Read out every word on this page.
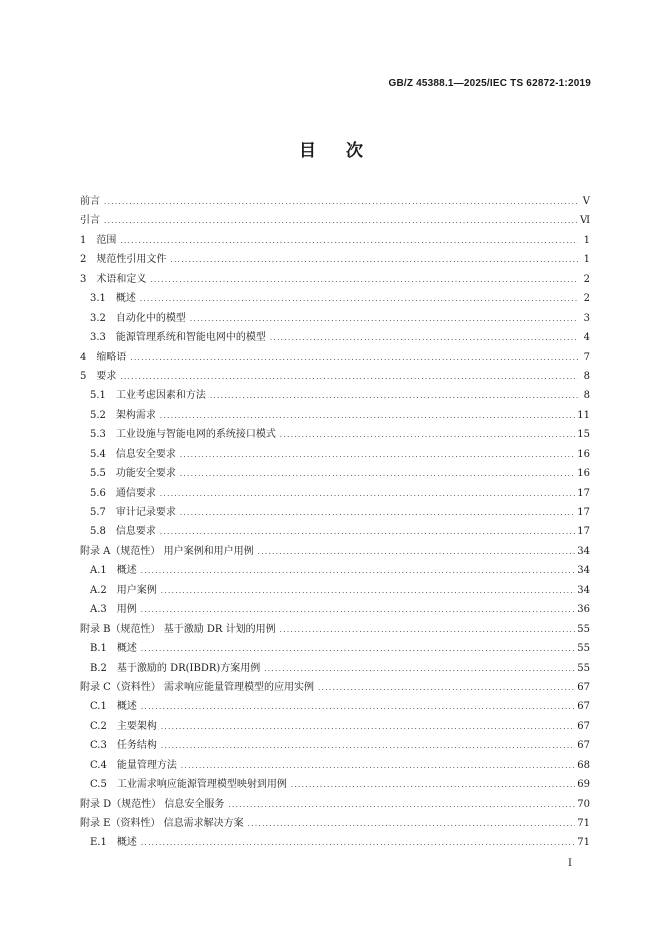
GB/Z 45388.1—2025/IEC TS 62872-1:2019
目次
前言 .....	Ⅴ
引言 .....	Ⅵ
1 范围 .....	1
2 规范性引用文件 .....	1
3 术语和定义 .....	2
3.1 概述 .....	2
3.2 自动化中的模型 .....	3
3.3 能源管理系统和智能电网中的模型 .....	4
4 缩略语 .....	7
5 要求 .....	8
5.1 工业考虑因素和方法 .....	8
5.2 架构需求 .....	11
5.3 工业设施与智能电网的系统接口模式 .....	15
5.4 信息安全要求 .....	16
5.5 功能安全要求 .....	16
5.6 通信要求 .....	17
5.7 审计记录要求 .....	17
5.8 信息要求 .....	17
附录 A（规范性） 用户案例和用户用例 .....	34
A.1 概述 .....	34
A.2 用户案例 .....	34
A.3 用例 .....	36
附录 B（规范性） 基于激励 DR 计划的用例 .....	55
B.1 概述 .....	55
B.2 基于激励的 DR(IBDR)方案用例 .....	55
附录 C（资料性） 需求响应能量管理模型的应用实例 .....	67
C.1 概述 .....	67
C.2 主要架构 .....	67
C.3 任务结构 .....	67
C.4 能量管理方法 .....	68
C.5 工业需求响应能源管理模型映射到用例 .....	69
附录 D（规范性） 信息安全服务 .....	70
附录 E（资料性） 信息需求解决方案 .....	71
E.1 概述 .....	71
Ⅰ
